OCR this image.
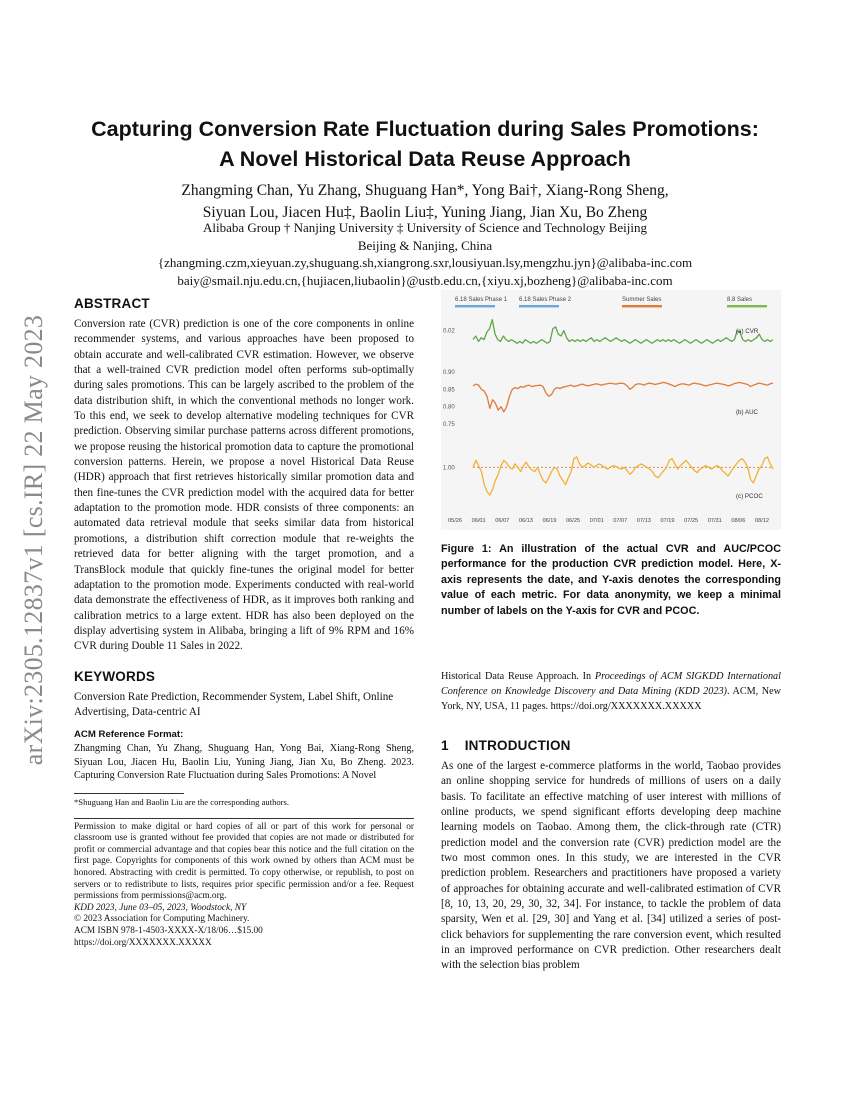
arXiv:2305.12837v1 [cs.IR] 22 May 2023
Capturing Conversion Rate Fluctuation during Sales Promotions:
A Novel Historical Data Reuse Approach
Zhangming Chan, Yu Zhang, Shuguang Han*, Yong Bai†, Xiang-Rong Sheng,
Siyuan Lou, Jiacen Hu‡, Baolin Liu‡, Yuning Jiang, Jian Xu, Bo Zheng
Alibaba Group † Nanjing University ‡ University of Science and Technology Beijing
Beijing & Nanjing, China
{zhangming.czm,xieyuan.zy,shuguang.sh,xiangrong.sxr,lousiyuan.lsy,mengzhu.jyn}@alibaba-inc.com
baiy@smail.nju.edu.cn,{hujiacen,liubaolin}@ustb.edu.cn,{xiyu.xj,bozheng}@alibaba-inc.com
ABSTRACT

Conversion rate (CVR) prediction is one of the core components in online recommender systems, and various approaches have been proposed to obtain accurate and well-calibrated CVR estimation. However, we observe that a well-trained CVR prediction model often performs sub-optimally during sales promotions. This can be largely ascribed to the problem of the data distribution shift, in which the conventional methods no longer work. To this end, we seek to develop alternative modeling techniques for CVR prediction. Observing similar purchase patterns across different promotions, we propose reusing the historical promotion data to capture the promotional conversion patterns. Herein, we propose a novel Historical Data Reuse (HDR) approach that first retrieves historically similar promotion data and then fine-tunes the CVR prediction model with the acquired data for better adaptation to the promotion mode. HDR consists of three components: an automated data retrieval module that seeks similar data from historical promotions, a distribution shift correction module that re-weights the retrieved data for better aligning with the target promotion, and a TransBlock module that quickly fine-tunes the original model for better adaptation to the promotion mode. Experiments conducted with real-world data demonstrate the effectiveness of HDR, as it improves both ranking and calibration metrics to a large extent. HDR has also been deployed on the display advertising system in Alibaba, bringing a lift of 9% RPM and 16% CVR during Double 11 Sales in 2022.

KEYWORDS

Conversion Rate Prediction, Recommender System, Label Shift, Online Advertising, Data-centric AI

ACM Reference Format:

Zhangming Chan, Yu Zhang, Shuguang Han, Yong Bai, Xiang-Rong Sheng, Siyuan Lou, Jiacen Hu, Baolin Liu, Yuning Jiang, Jian Xu, Bo Zheng. 2023. Capturing Conversion Rate Fluctuation during Sales Promotions: A Novel

*Shuguang Han and Baolin Liu are the corresponding authors.

Permission to make digital or hard copies of all or part of this work for personal or classroom use is granted without fee provided that copies are not made or distributed for profit or commercial advantage and that copies bear this notice and the full citation on the first page. Copyrights for components of this work owned by others than ACM must be honored. Abstracting with credit is permitted. To copy otherwise, or republish, to post on servers or to redistribute to lists, requires prior specific permission and/or a fee. Request permissions from permissions@acm.org.

KDD 2023, June 03–05, 2023, Woodstock, NY
© 2023 Association for Computing Machinery.
ACM ISBN 978-1-4503-XXXX-X/18/06…$15.00
https://doi.org/XXXXXXX.XXXXX
6.18 Sales Phase 1 6.18 Sales Phase 2	Summer Sales	8.8 Sales
0.02	(a) CVR
0.90
0.85
0.80
0.75
(b) AUC
1.00
(c) PCOC
05/26 06/01 06/07 06/13 06/19 06/25 07/01 07/07 07/13 07/19 07/25 07/31 08/06 08/12

Figure 1: An illustration of the actual CVR and AUC/PCOC performance for the production CVR prediction model. Here, X-axis represents the date, and Y-axis denotes the corresponding value of each metric. For data anonymity, we keep a minimal number of labels on the Y-axis for CVR and PCOC.

Historical Data Reuse Approach. In Proceedings of ACM SIGKDD International Conference on Knowledge Discovery and Data Mining (KDD 2023). ACM, New York, NY, USA, 11 pages. https://doi.org/XXXXXXX.XXXXX

1 INTRODUCTION

As one of the largest e-commerce platforms in the world, Taobao provides an online shopping service for hundreds of millions of users on a daily basis. To facilitate an effective matching of user interest with millions of online products, we spend significant efforts developing deep machine learning models on Taobao. Among them, the click-through rate (CTR) prediction model and the conversion rate (CVR) prediction model are the two most common ones. In this study, we are interested in the CVR prediction problem. Researchers and practitioners have proposed a variety of approaches for obtaining accurate and well-calibrated estimation of CVR [8, 10, 13, 20, 29, 30, 32, 34]. For instance, to tackle the problem of data sparsity, Wen et al. [29, 30] and Yang et al. [34] utilized a series of post-click behaviors for supplementing the rare conversion event, which resulted in an improved performance on CVR prediction. Other researchers dealt with the selection bias problem
